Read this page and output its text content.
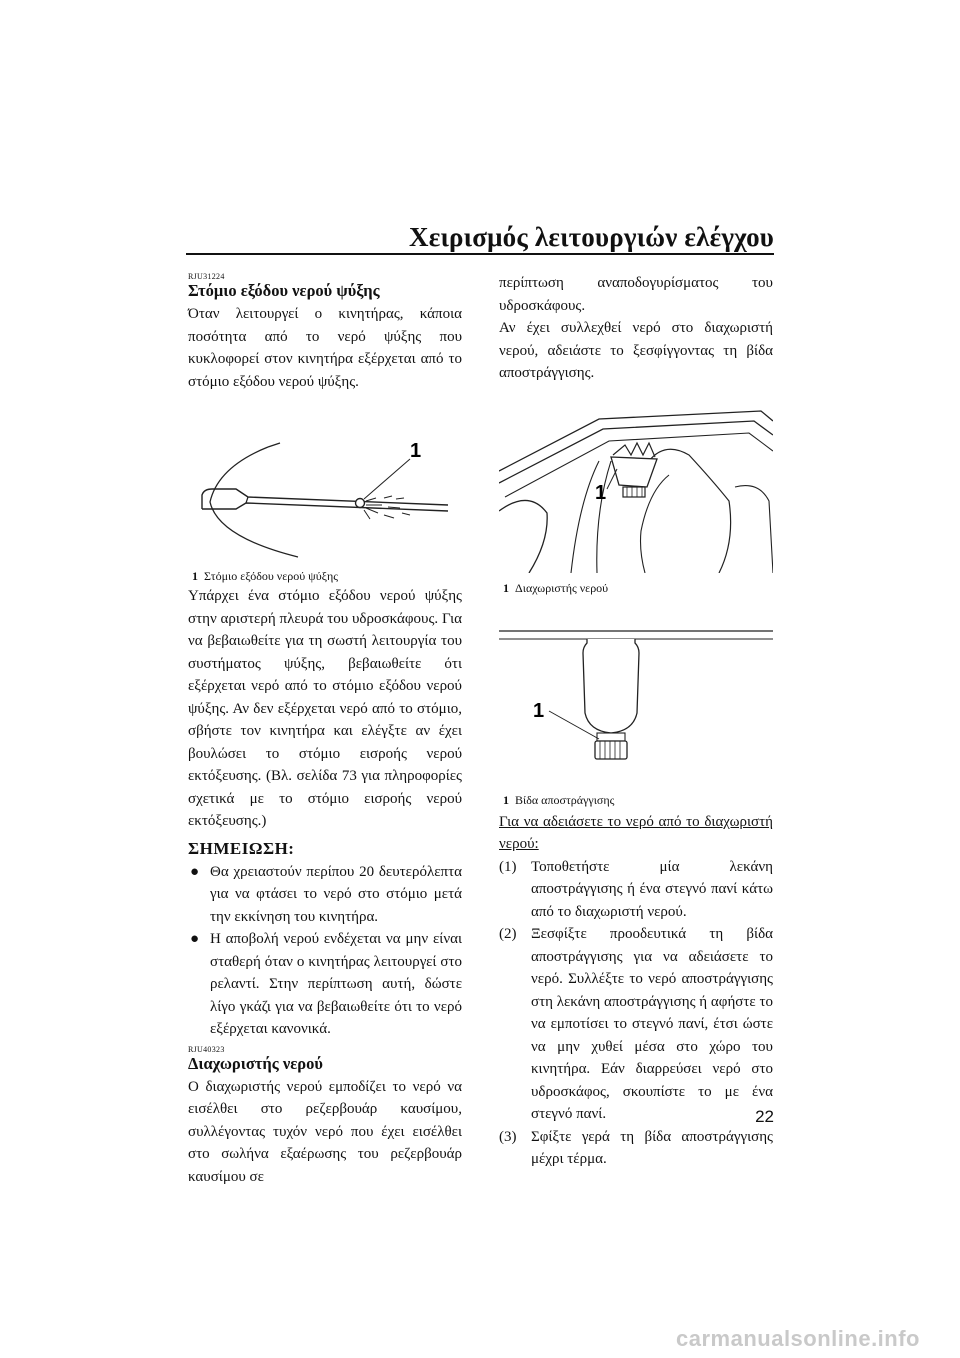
Χειρισμός λειτουργιών ελέγχου
RJU31224
Στόμιο εξόδου νερού ψύξης

Όταν λειτουργεί ο κινητήρας, κάποια ποσότητα από το νερό ψύξης που κυκλοφορεί στον κινητήρα εξέρχεται από το στόμιο εξόδου νερού ψύξης.

1
1 Στόμιο εξόδου νερού ψύξης

Υπάρχει ένα στόμιο εξόδου νερού ψύξης στην αριστερή πλευρά του υδροσκάφους. Για να βεβαιωθείτε για τη σωστή λειτουργία του συστήματος ψύξης, βεβαιωθείτε ότι εξέρχεται νερό από το στόμιο εξόδου νερού ψύξης. Αν δεν εξέρχεται νερό από το στόμιο, σβήστε τον κινητήρα και ελέγξτε αν έχει βουλώσει το στόμιο εισροής νερού εκτόξευσης. (Βλ. σελίδα 73 για πληροφορίες σχετικά με το στόμιο εισροής νερού εκτόξευσης.)

ΣΗΜΕΙΩΣΗ:
● Θα χρειαστούν περίπου 20 δευτερόλεπτα για να φτάσει το νερό στο στόμιο μετά την εκκίνηση του κινητήρα.
● Η αποβολή νερού ενδέχεται να μην είναι σταθερή όταν ο κινητήρας λειτουργεί στο ρελαντί. Στην περίπτωση αυτή, δώστε λίγο γκάζι για να βεβαιωθείτε ότι το νερό εξέρχεται κανονικά.
RJU40323
Διαχωριστής νερού

Ο διαχωριστής νερού εμποδίζει το νερό να εισέλθει στο ρεζερβουάρ καυσίμου, συλλέγοντας τυχόν νερό που έχει εισέλθει στο σωλήνα εξαέρωσης του ρεζερβουάρ καυσίμου σε

περίπτωση αναποδογυρίσματος του υδροσκάφους.

Αν έχει συλλεχθεί νερό στο διαχωριστή νερού, αδειάστε το ξεσφίγγοντας τη βίδα αποστράγγισης.

1
1 Διαχωριστής νερού
1
1 Βίδα αποστράγγισης
Για να αδειάσετε το νερό από το διαχωριστή νερού:
(1) Τοποθετήστε μία λεκάνη αποστράγγισης ή ένα στεγνό πανί κάτω από το διαχωριστή νερού.
(2) Ξεσφίξτε προοδευτικά τη βίδα αποστράγγισης για να αδειάσετε το νερό. Συλλέξτε το νερό αποστράγγισης στη λεκάνη αποστράγγισης ή αφήστε το να εμποτίσει το στεγνό πανί, έτσι ώστε να μην χυθεί μέσα στο χώρο του κινητήρα. Εάν διαρρεύσει νερό στο υδροσκάφος, σκουπίστε το με ένα στεγνό πανί.
(3) Σφίξτε γερά τη βίδα αποστράγγισης μέχρι τέρμα.
22
carmanualsonline.info
